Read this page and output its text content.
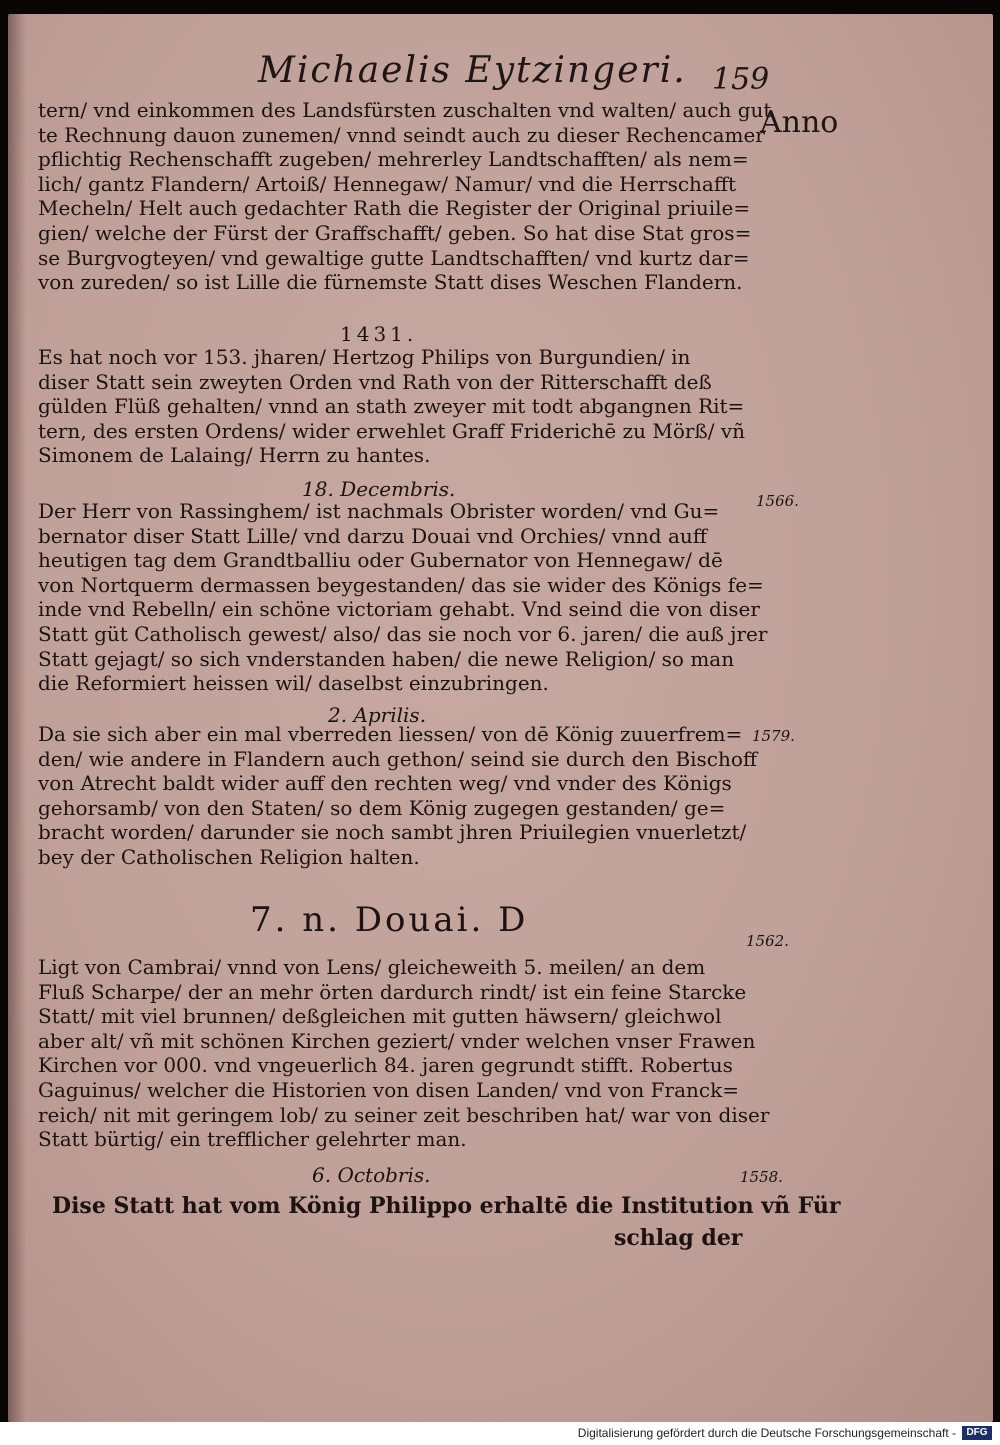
Michaelis Eytzingeri. 159
Anno
tern/ vnd einkommen des Landsfürsten zuschalten vnd walten/ auch gut
te Rechnung dauon zunemen/ vnnd seindt auch zu dieser Rechencamer
pflichtig Rechenschafft zugeben/ mehrerley Landtschafften/ als nem=
lich/ gantz Flandern/ Artoiß/ Hennegaw/ Namur/ vnd die Herrschafft
Mecheln/ Helt auch gedachter Rath die Register der Original priuile=
gien/ welche der Fürst der Graffschafft/ geben. So hat dise Stat gros=
se Burgvogteyen/ vnd gewaltige gutte Landtschafften/ vnd kurtz dar=
von zureden/ so ist Lille die fürnemste Statt dises Weschen Flandern.
1431.
Es hat noch vor 153. jharen/ Hertzog Philips von Burgundien/ in
diser Statt sein zweyten Orden vnd Rath von der Ritterschafft deß
gülden Flüß gehalten/ vnnd an stath zweyer mit todt abgangnen Rit=
tern, des ersten Ordens/ wider erwehlet Graff Friderichē zu Mörß/ vñ
Simonem de Lalaing/ Herrn zu hantes.
18. Decembris.	1566.
Der Herr von Rassinghem/ ist nachmals Obrister worden/ vnd Gu=
bernator diser Statt Lille/ vnd darzu Douai vnd Orchies/ vnnd auff
heutigen tag dem Grandtballiu oder Gubernator von Hennegaw/ dē
von Nortquerm dermassen beygestanden/ das sie wider des Königs fe=
inde vnd Rebelln/ ein schöne victoriam gehabt. Vnd seind die von diser
Statt güt Catholisch gewest/ also/ das sie noch vor 6. jaren/ die auß jrer
Statt gejagt/ so sich vnderstanden haben/ die newe Religion/ so man
die Reformiert heissen wil/ daselbst einzubringen.
2. Aprilis.
1579.
Da sie sich aber ein mal vberreden liessen/ von dē König zuuerfrem=
den/ wie andere in Flandern auch gethon/ seind sie durch den Bischoff
von Atrecht baldt wider auff den rechten weg/ vnd vnder des Königs
gehorsamb/ von den Staten/ so dem König zugegen gestanden/ ge=
bracht worden/ darunder sie noch sambt jhren Priuilegien vnuerletzt/
bey der Catholischen Religion halten.
7. n. Douai. D
1562.
Ligt von Cambrai/ vnnd von Lens/ gleicheweith 5. meilen/ an dem
Fluß Scharpe/ der an mehr örten dardurch rindt/ ist ein feine Starcke
Statt/ mit viel brunnen/ deßgleichen mit gutten häwsern/ gleichwol
aber alt/ vñ mit schönen Kirchen geziert/ vnder welchen vnser Frawen
Kirchen vor 000. vnd vngeuerlich 84. jaren gegrundt stifft. Robertus
Gaguinus/ welcher die Historien von disen Landen/ vnd von Franck=
reich/ nit mit geringem lob/ zu seiner zeit beschriben hat/ war von diser
Statt bürtig/ ein trefflicher gelehrter man.
6. Octobris.	1558.
Dise Statt hat vom König Philippo erhaltē die Institution vñ Für
schlag der
Digitalisierung gefördert durch die Deutsche Forschungsgemeinschaft -	DFG
